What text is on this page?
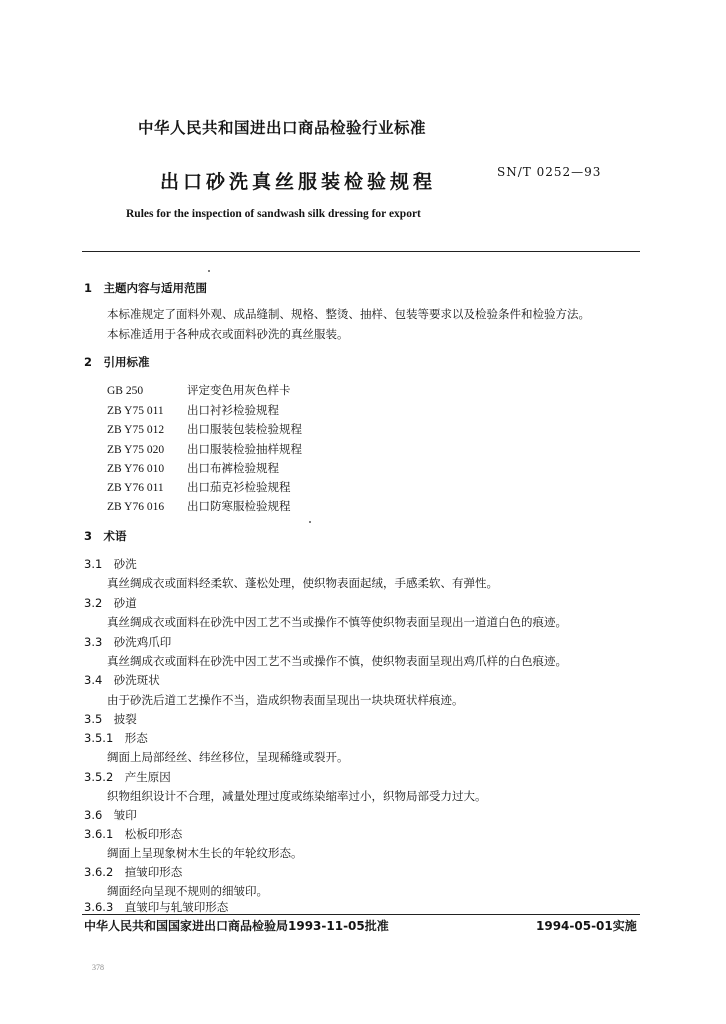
中华人民共和国进出口商品检验行业标准
出口砂洗真丝服装检验规程	SN/T 0252—93
Rules for the inspection of sandwash silk dressing for export
1　主题内容与适用范围
本标准规定了面料外观、成品缝制、规格、整烫、抽样、包装等要求以及检验条件和检验方法。
本标准适用于各种成衣或面料砂洗的真丝服装。
2　引用标准
GB 250	评定变色用灰色样卡
ZB Y75 011 出口衬衫检验规程
ZB Y75 012 出口服装包装检验规程
ZB Y75 020 出口服装检验抽样规程
ZB Y76 010 出口布裤检验规程
ZB Y76 011 出口茄克衫检验规程
ZB Y76 016 出口防寒服检验规程
3　术语
3.1　砂洗
真丝绸成衣或面料经柔软、蓬松处理，使织物表面起绒，手感柔软、有弹性。
3.2　砂道
真丝绸成衣或面料在砂洗中因工艺不当或操作不慎等使织物表面呈现出一道道白色的痕迹。
3.3　砂洗鸡爪印
真丝绸成衣或面料在砂洗中因工艺不当或操作不慎，使织物表面呈现出鸡爪样的白色痕迹。
3.4　砂洗斑状
由于砂洗后道工艺操作不当，造成织物表面呈现出一块块斑状样痕迹。
3.5　披裂
3.5.1　形态
绸面上局部经丝、纬丝移位，呈现稀缝或裂开。
3.5.2　产生原因
织物组织设计不合理，减量处理过度或练染缩率过小，织物局部受力过大。
3.6　皱印
3.6.1　松板印形态
绸面上呈现象树木生长的年轮纹形态。
3.6.2　揎皱印形态
绸面经向呈现不规则的细皱印。
3.6.3　直皱印与轧皱印形态
中华人民共和国国家进出口商品检验局1993-11-05批准	1994-05-01实施
378
